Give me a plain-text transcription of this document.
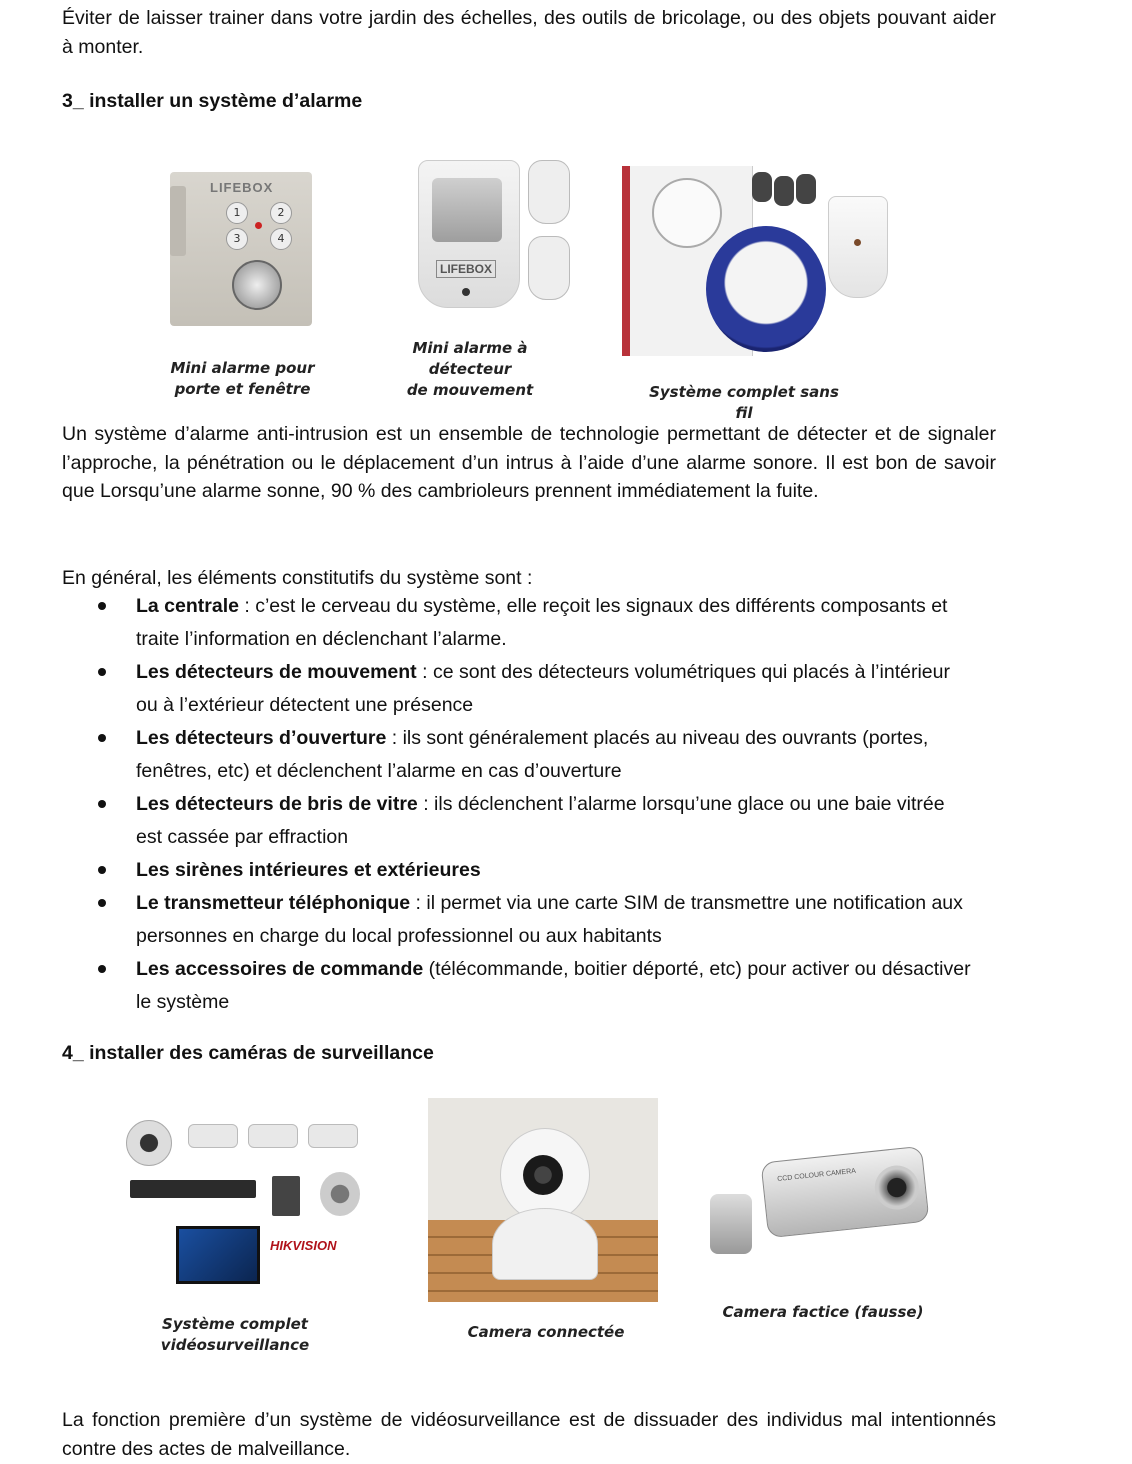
Éviter de laisser trainer dans votre jardin des échelles, des outils de bricolage, ou des objets pouvant aider à monter.

3_ installer un système d’alarme

LIFEBOX
1	2
3	4
Mini alarme pour
porte et fenêtre
LIFEBOX
Mini alarme à détecteur
de mouvement	Système complet sans fil

Un système d’alarme anti-intrusion est un ensemble de technologie permettant de détecter et de signaler l’approche, la pénétration ou le déplacement d’un intrus à l’aide d’une alarme sonore. Il est bon de savoir que Lorsqu’une alarme sonne, 90 % des cambrioleurs prennent immédiatement la fuite.

En général, les éléments constitutifs du système sont :

La centrale : c’est le cerveau du système, elle reçoit les signaux des différents composants et traite l’information en déclenchant l’alarme.
Les détecteurs de mouvement : ce sont des détecteurs volumétriques qui placés à l’intérieur ou à l’extérieur détectent une présence
Les détecteurs d’ouverture : ils sont généralement placés au niveau des ouvrants (portes, fenêtres, etc) et déclenchent l’alarme en cas d’ouverture
Les détecteurs de bris de vitre : ils déclenchent l’alarme lorsqu’une glace ou une baie vitrée est cassée par effraction
Les sirènes intérieures et extérieures
Le transmetteur téléphonique : il permet via une carte SIM de transmettre une notification aux personnes en charge du local professionnel ou aux habitants
Les accessoires de commande (télécommande, boitier déporté, etc) pour activer ou désactiver le système

4_ installer des caméras de surveillance

HIKVISION
Système complet
vidéosurveillance
Camera connectée
CCD COLOUR CAMERA
Camera factice (fausse)

La fonction première d’un système de vidéosurveillance est de dissuader des individus mal intentionnés contre des actes de malveillance.
